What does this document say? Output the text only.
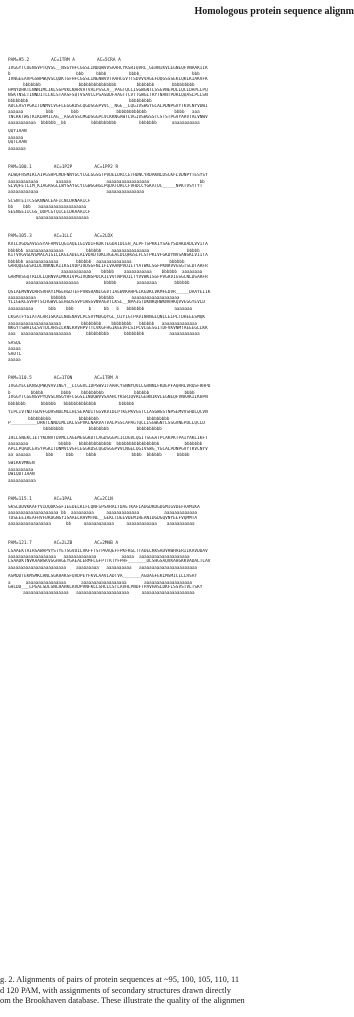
Homologous protein sequence alignm
PAM=95.2	AC=1TRM A	AC=5CRA A
IVGGYTCOENSVPTQVSL__NSGYHFCGGSLINDQWVVSAAHCYKSRIQVRL_GEHNIKVLEGNEQFVNAAKIIK
b                          bbb     bbbb         bbbb_                    bbb
IVNGEEAVPGSWPWQVSLQDKTGFHFCGGSLINENWVVTAAHCGVTTSDVVVAGEFDQGSSSEKIQKLKIAKVFK
bbbbbbb               bbbbbbbbbbbbbbb        bbbbbbb       bbbbbbbbb
HPNYDRKTLNNNIMLIKLSSPVKLNARVATVALPSSCA__PAGTQCLISGWGNTLSSGVNEPDLLQCLDAPLLPQ
NSKTNSLTINNDITLLKLSTAASFSQTVSAVCLPSASDDFAAGTTCVTTGWGLTRYTNANTPDRLQQASLPLLSN
bbbbbbbb                                        bbbbbbbbb
ADCEASYPGKITDNMVCVGFLEGGKDSCQGDSGGPVVC__NGE__LQGIVSWGYGCALPDNPGVYTKVCNYVDWI
aaaaaa         bbb       bbb               bbbbbbbbbbbb           bbbb   aaa
TNCKKTWGTKIKDAMICAG__ASGVSSCMGDSGGPLVCKKNGAWTLVGIVSWGSSTCSTSTPGVYARVTALVNWV
aaaaaaaaaaa  bbbbbb__bb          bbbbbbbbbb         bbbbbbb      aaaaaaaaaaa
QQYIAAN
aaaaaa
QQTLAAN
aaaaaaa
PAM=100.1	AC=1P2P	AC=1PP2 R
ALWQFRSMIKCAIPGSHPLMDFNNYGCYCGLGGSGTPVDELDRCCETHDNCYRDAKNLDSCKFLVDNPYTESYSY
aaaaaaaaaaaa       aaaaaa              aaaaaaaaaaaaaaaaa                    bb
SLVQFETLIM_KIAGRSGLLWYSAYGCYCGWGGHGLPQDATDRCCFVHDCCYGKATDC_____NPKTVSYTYT
aaaaaaaaaaaa                           aaaaaaaaaaaaaaa
SCSNTEITCSSKNNACEAFICNCDRNAAICF
bb    bbb   aaaaaaaaaaaaaaaaaaa
SEENGEIICGG_DDPCGTQICECDKAAAICF
aaaaaaaaaaaaaaaaaaaaa
PAM=105.3	AC=1LLC	AC=2LDX
KVILVGDGAVGSSYAFAMVLQGIAQEIGIVDIFKDKTEGDAIDLEH_ALPFTSPKKIYSAEYSDAKDADLVVITA
bbbbbb aaaaaaaaaaaaaaa         bbbbbb    aaaaaaaaaaaaaaa               bbbbb
KITVVGVGDVGMACAISILLKGLADELALVDADTDKLRGEALDLQHGSLFLSTPKIVFGKDYNVSANSKLVIITA
bbbbbb aaaaaaaaaaaaa       bbbbbb  aaaaaaaaaaaaaa               bbbbbb
GARQQEGESRLDLVNKNLKIIKSIVDPIVDSGFNLIFLVAANPVDILTYATWKLSGFPKNRVVGSGTSLDTARFR
aaaaaaaaaaaa    bbbbb    aaaaaaaaaaa    bbbbbb  aaaaaaaa
GARMVSGQTRLDLLQRNVAIMKAIVPGIVQNSPDCKIIVVTNPVDILTYVVWKISGFPVGRVIGSGCNLDSARFR
aaaaaaaaaaaaaaaaaaaaa          bbbbb        aaaaaaaa       bbbbbb
QSIAEMVNVDARSVHAYIMGEHGDTEFPVWSHANIGGVTIAEWVKAHPEIKEDKLVKMFEDVR_____DAAYEIIK
aaaaaaaaaaa      bbbbbb             bbbbbb       aaaaaaaaaaaaaaaaaaa
YLIGEKLGVHPTSCHGWVLGEHGDSSVPIWSGVNVAGVTLKSL__NPAIGTDKNKQHWKNVHKQVVEGGYEVLD
aaaaaaaaaa      bbb    bbb      b     bb   b   bbbbbbb            aaaaaaa
LKGATFYGIATALARISKAILNDENAVLPLSVYMDGQYGL_DIYIGTPAVINRNGIQNILEIPLTDHEEESMQK
aaaaaaaaaaaaaaaaaaaaa        bbbbbbbb    bbbbbbbb   bbbbbb   aaaaaaaaaaaaaa
NKGYTSWAIGLSVTDLARSILKNLKRVHPVTTLVKGFHGIKEEVFLSIPCVLGESGITDFVKVNMTAEEEGLLKK
aaa  aaaaaaaaaaaaaaaaaaaa      bbbbbbbbb      bbbbbbbb          aaaaaaaaaaaa
SASQL
aaaaa
SADTL
aaaaa
PAM=110.5	AC=1TON	AC=1TRM A
IVGGYECEKNSQPWQVAVINEY__LCGGVLIDPSWVITAAHCYSNNYQVLLGRNNLFKDEPFAQRRLVRQSFRHPD
b        bbbbb       bbbb    bbbbbbbbb            bbbbbb              bbbb
IVGGYTCGENSVPYQVSLNSGYHFCGGSLINDQWVVSAAHCYKSRIQVRLGEHNIKVLEGNEQFVNAAKIIKHPN
bbbbbbb      bbbbbb   bbbbbbbbbbbbb         bbbbbb
YIPLIVTNDTGDVFGDHSNDLMLLHLSEPADITGGVKVIDLPTKEPKVGSTCLASGWGSTNPSEMVVSHDLQCVN
bbbbbbbbb           bbbbbbbb                   bbbbbbbbb
P__________DRKTLNNDIMLIKLSSPVKLNARVATVALPSSCAPAGTQCLISGWGNTLSSGVNEPDLLQCLD
bbbbbbbb          bbbbbbbb           bbbbbbbbbb
IHLLSNEKCIETYKDNVTDVMLCAGEMEGGKDTCAGDSGGPLICDGVLQGITSGGATPCAKPKTPAIYAKLIKFT
aaaaaaaa            bbbbb   bbbbbbbbbbbbb  bbbbbbbbbbbbbbbbb          bbbbbbb
APLLPQADCEASYPGKITDNMVCVGFLEGGKDSCQGDSGGPVVCNGELQGIVSWG_YGCALPDNPGVYTKVCNYV
aa aaaaaa      bbb     bbb     bbbb              bbbb  bbbbbb      bbbbb
SWIKKVMKEN
aaaaaaaaaa
DWIQDTIAAN
aaaaaaaaaaa
PAM=115.1	AC=1PAL	AC=2CLN
SKSLDDVKKAFYVIDQDKSGFIEEDELKLFLQNFSPSARALTDAETKAFLADGDKDGDGMIGVDEFAAMIKA
aaaaaaaaaaaaaaaaaaaa bb  aaaaaaaaa     aaaaaaaaaaaaa          aaaaaaaaaaaaa
TDSEEEIREAFRVFDKDGNGYISAAELRHVMTNL__GEKLTDEEVDEMIREANIDGDGQVNYEEFVQMMTA
aaaaaaaaaaaaaaaaa      bb     aaaaaaaaaaaa     aaaaaaaaaaaa    aaaaaaaaaaa
PAM=121.7	AC=2LZB	AC=2MHB A
LSAAEKTAIRSAWAPVYSTYETSGVDILVKFFTSTPAAQEFFPKFKGLTTADELKKSADVRWHAERIIKAVDDAV
aaaaaaaaaaaaaaaaaaa   aaaaaaaaaaaaa          aaaaa  aaaaaaaaaaaaaaaaaaaa
LSAADKTNVKAAWSKVGGHAGEYGAEALERMFLGFPTTKTYFPHF_______DLSHGSAQVKAHGKKVADALTLAV
aaaaaaaaaaaaaaaaaaaaaaa    aaaaaaaaa   aaaaaaaaaa   aaaaaaaaaaaaaaaaaaaaaaa
ASMDDTEKMSMKLRNLSGKHAKSFQVDPEYFKVLAAVIADTVA_______AGDAGFEKLMSMICILLRSAY
a      aaaaaaaaaaaaaaaa      aaaaaaaaaaaaaaaaaa       aaaaaaaaaaaaaaaaaaa
GHLDD___LPGALSDLSNLHAHKLRVDPVNFKLLSHCLLSTLAVHLPNDFTPAVHASLDKFLSSVSTVLTSKY
aaaaaaaaaaaaaaaaaa   aaaaaaaaaaaaaaaaaaaaa     aaaaaaaaaaaaaaaaaaaaa
g. 2. Alignments of pairs of protein sequences at ~95, 100, 105, 110, 11
d 120 PAM, with assignments of secondary structures drawn directly
om the Brookhaven database. These illustrate the quality of the alignmen
